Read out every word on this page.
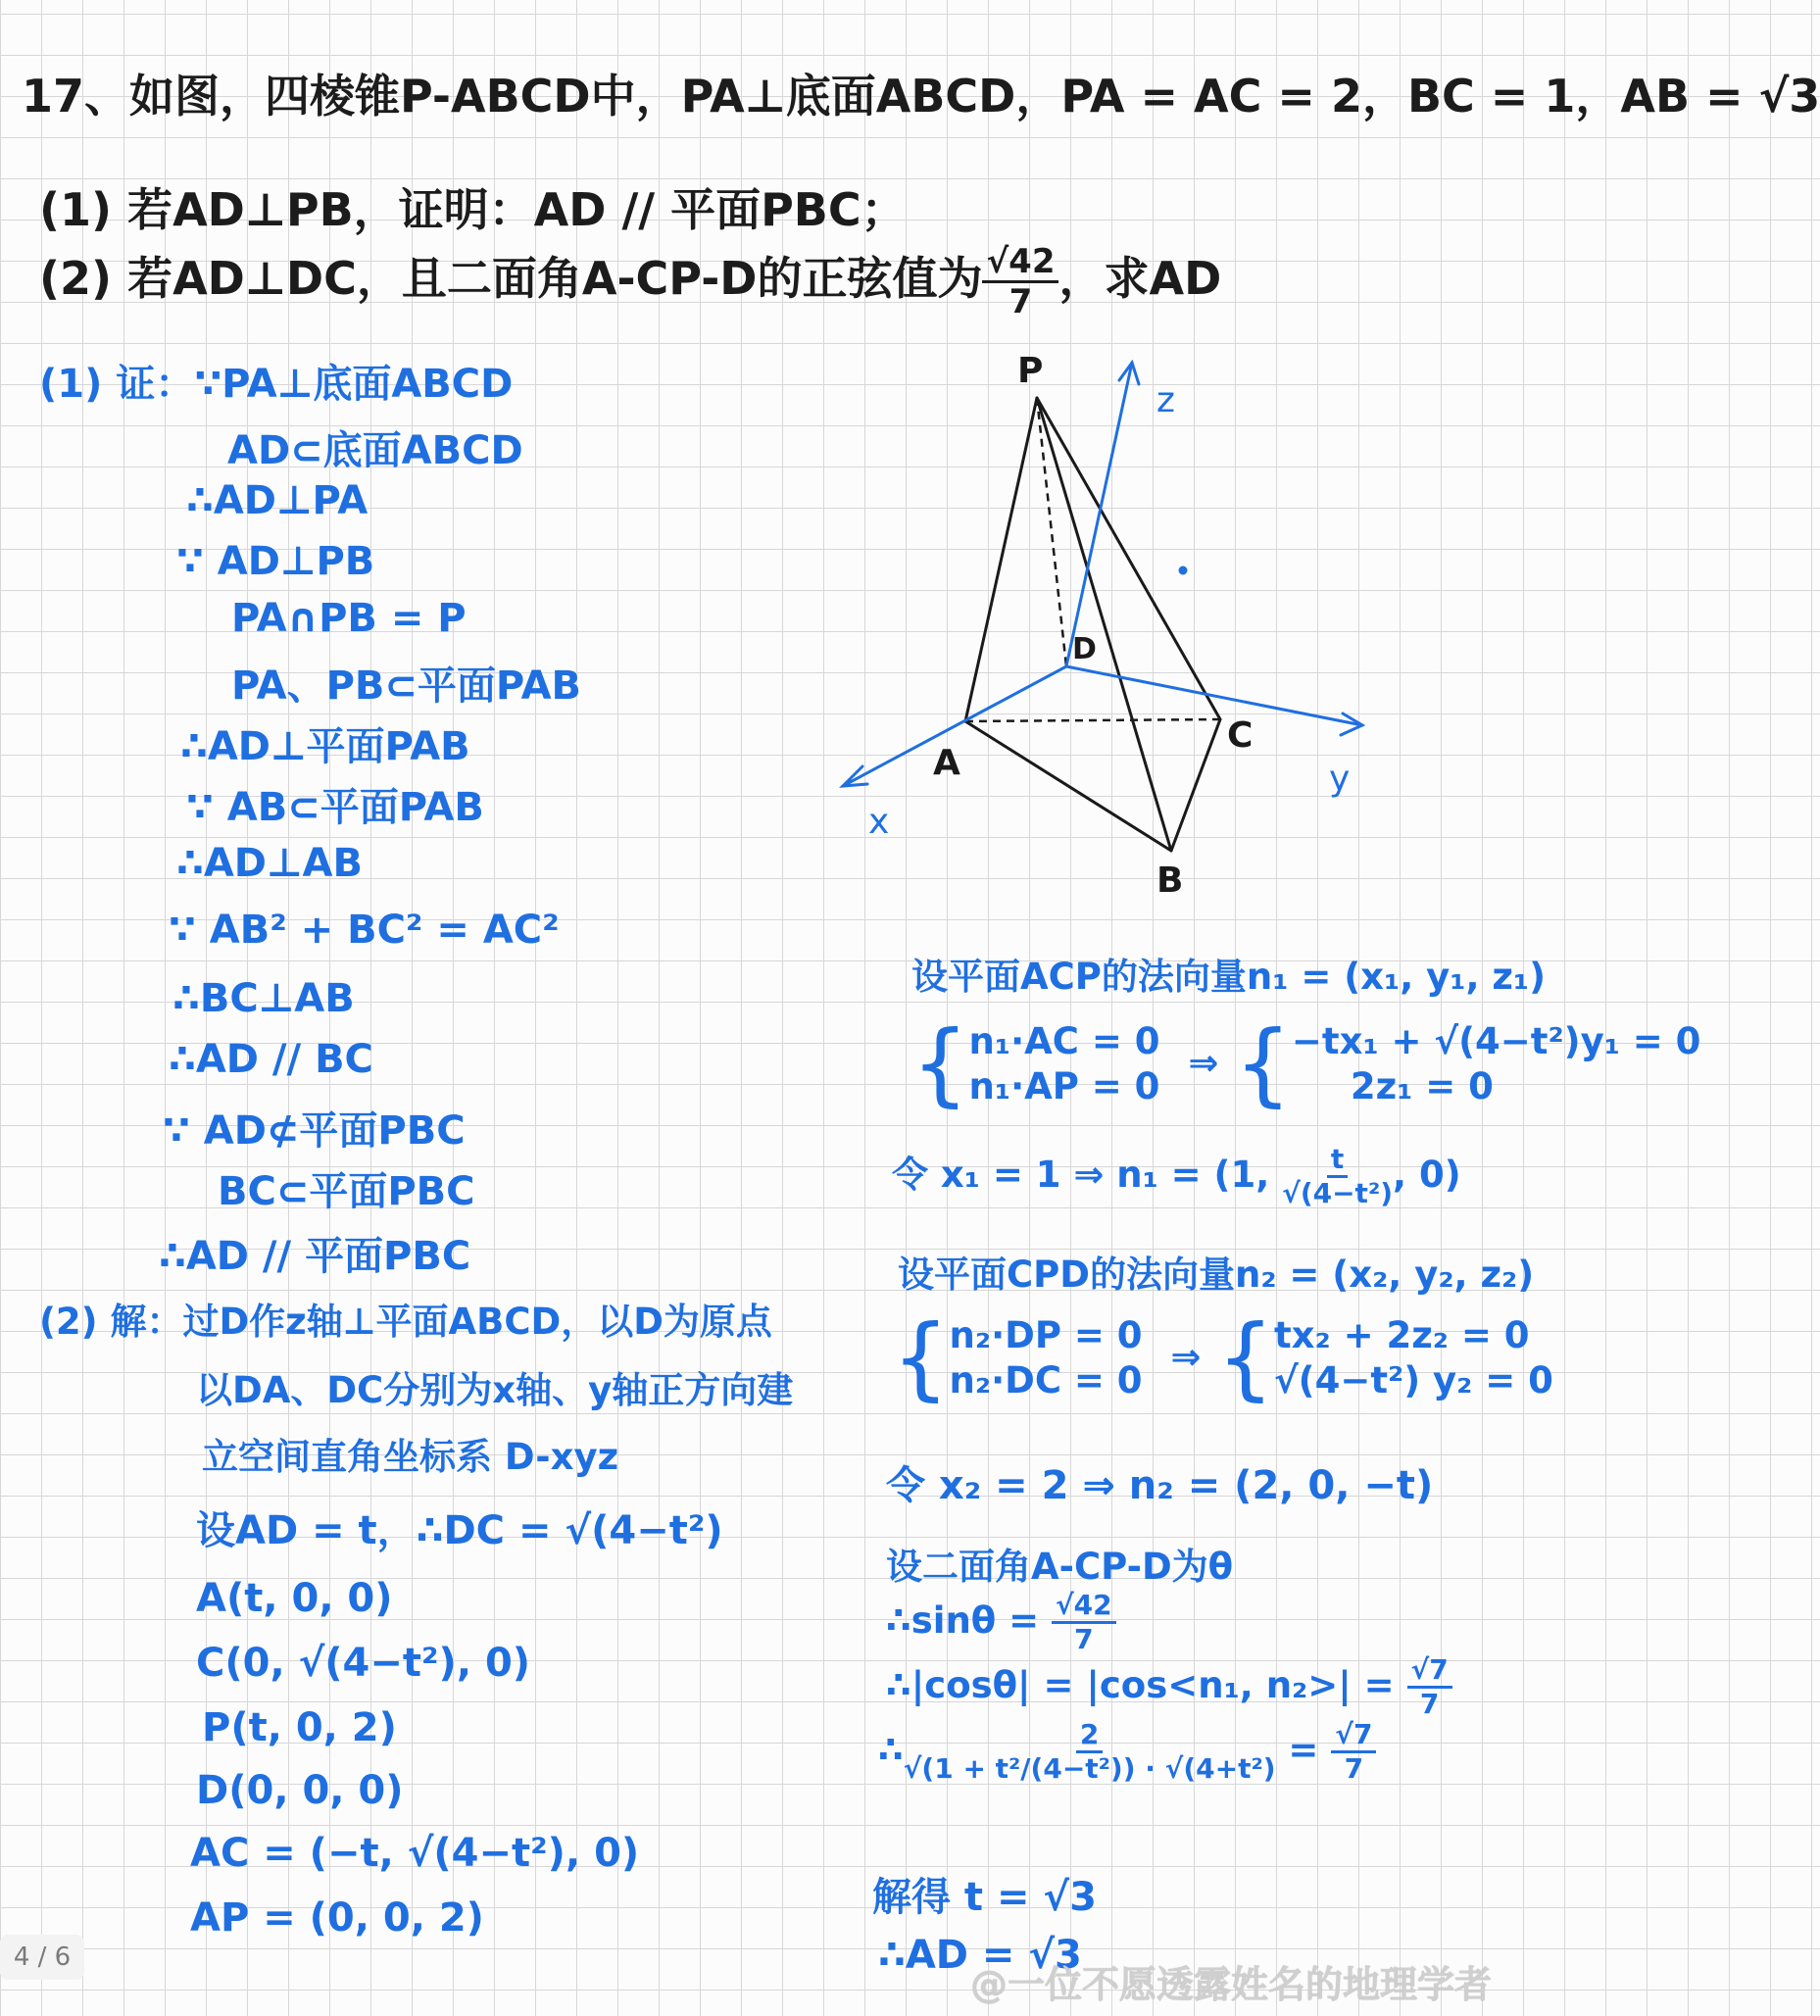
17、如图，四棱锥P-ABCD中，PA⊥底面ABCD，PA = AC = 2，BC = 1，AB = √3
(1) 若AD⊥PB，证明：AD // 平面PBC；
(2) 若AD⊥DC，且二面角A-CP-D的正弦值为 $\frac{√42}{7}$ ，求AD
(1) 证：∵PA⊥底面ABCD
AD⊂底面ABCD
∴AD⊥PA
∵ AD⊥PB
PA∩PB = P
PA、PB⊂平面PAB
∴AD⊥平面PAB
∵ AB⊂平面PAB
∴AD⊥AB
∵ AB² + BC² = AC²
∴BC⊥AB
∴AD // BC
∵ AD⊄平面PBC
BC⊂平面PBC
∴AD // 平面PBC
(2) 解：过D作z轴⊥平面ABCD，以D为原点
以DA、DC分别为x轴、y轴正方向建
立空间直角坐标系 D-xyz
设AD = t，∴DC = √(4−t²)
A(t, 0, 0)
C(0, √(4−t²), 0)
P(t, 0, 2)
D(0, 0, 0)
AC = (−t, √(4−t²), 0)
AP = (0, 0, 2)
设平面ACP的法向量n₁ = (x₁, y₁, z₁)
{ n₁·AC = 0
n₁·AP = 0
⇒ { −tx₁ + √(4−t²)y₁ = 0
2z₁ = 0
令 x₁ = 1 ⇒ n₁ = (1, $\frac{t}{\text{√(4−t²)}}$ , 0)
设平面CPD的法向量n₂ = (x₂, y₂, z₂)
{ n₂·DP = 0
n₂·DC = 0
⇒ { tx₂ + 2z₂ = 0
√(4−t²) y₂ = 0
令 x₂ = 2 ⇒ n₂ = (2, 0, −t)
设二面角A-CP-D为θ
∴sinθ = $\frac{√42}{7}$
∴|cosθ| = |cos<n₁, $n_2>| = \frac{√7}{7}$
∴ $\frac{2}{\text{√(1 + t²/(4−t²)) · √(4+t²)}} = \frac{√7}{7}$
解得 t = √3
∴AD = √3
P
A
B
C
D
z
x
y
4 / 6
@一位不愿透露姓名的地理学者
